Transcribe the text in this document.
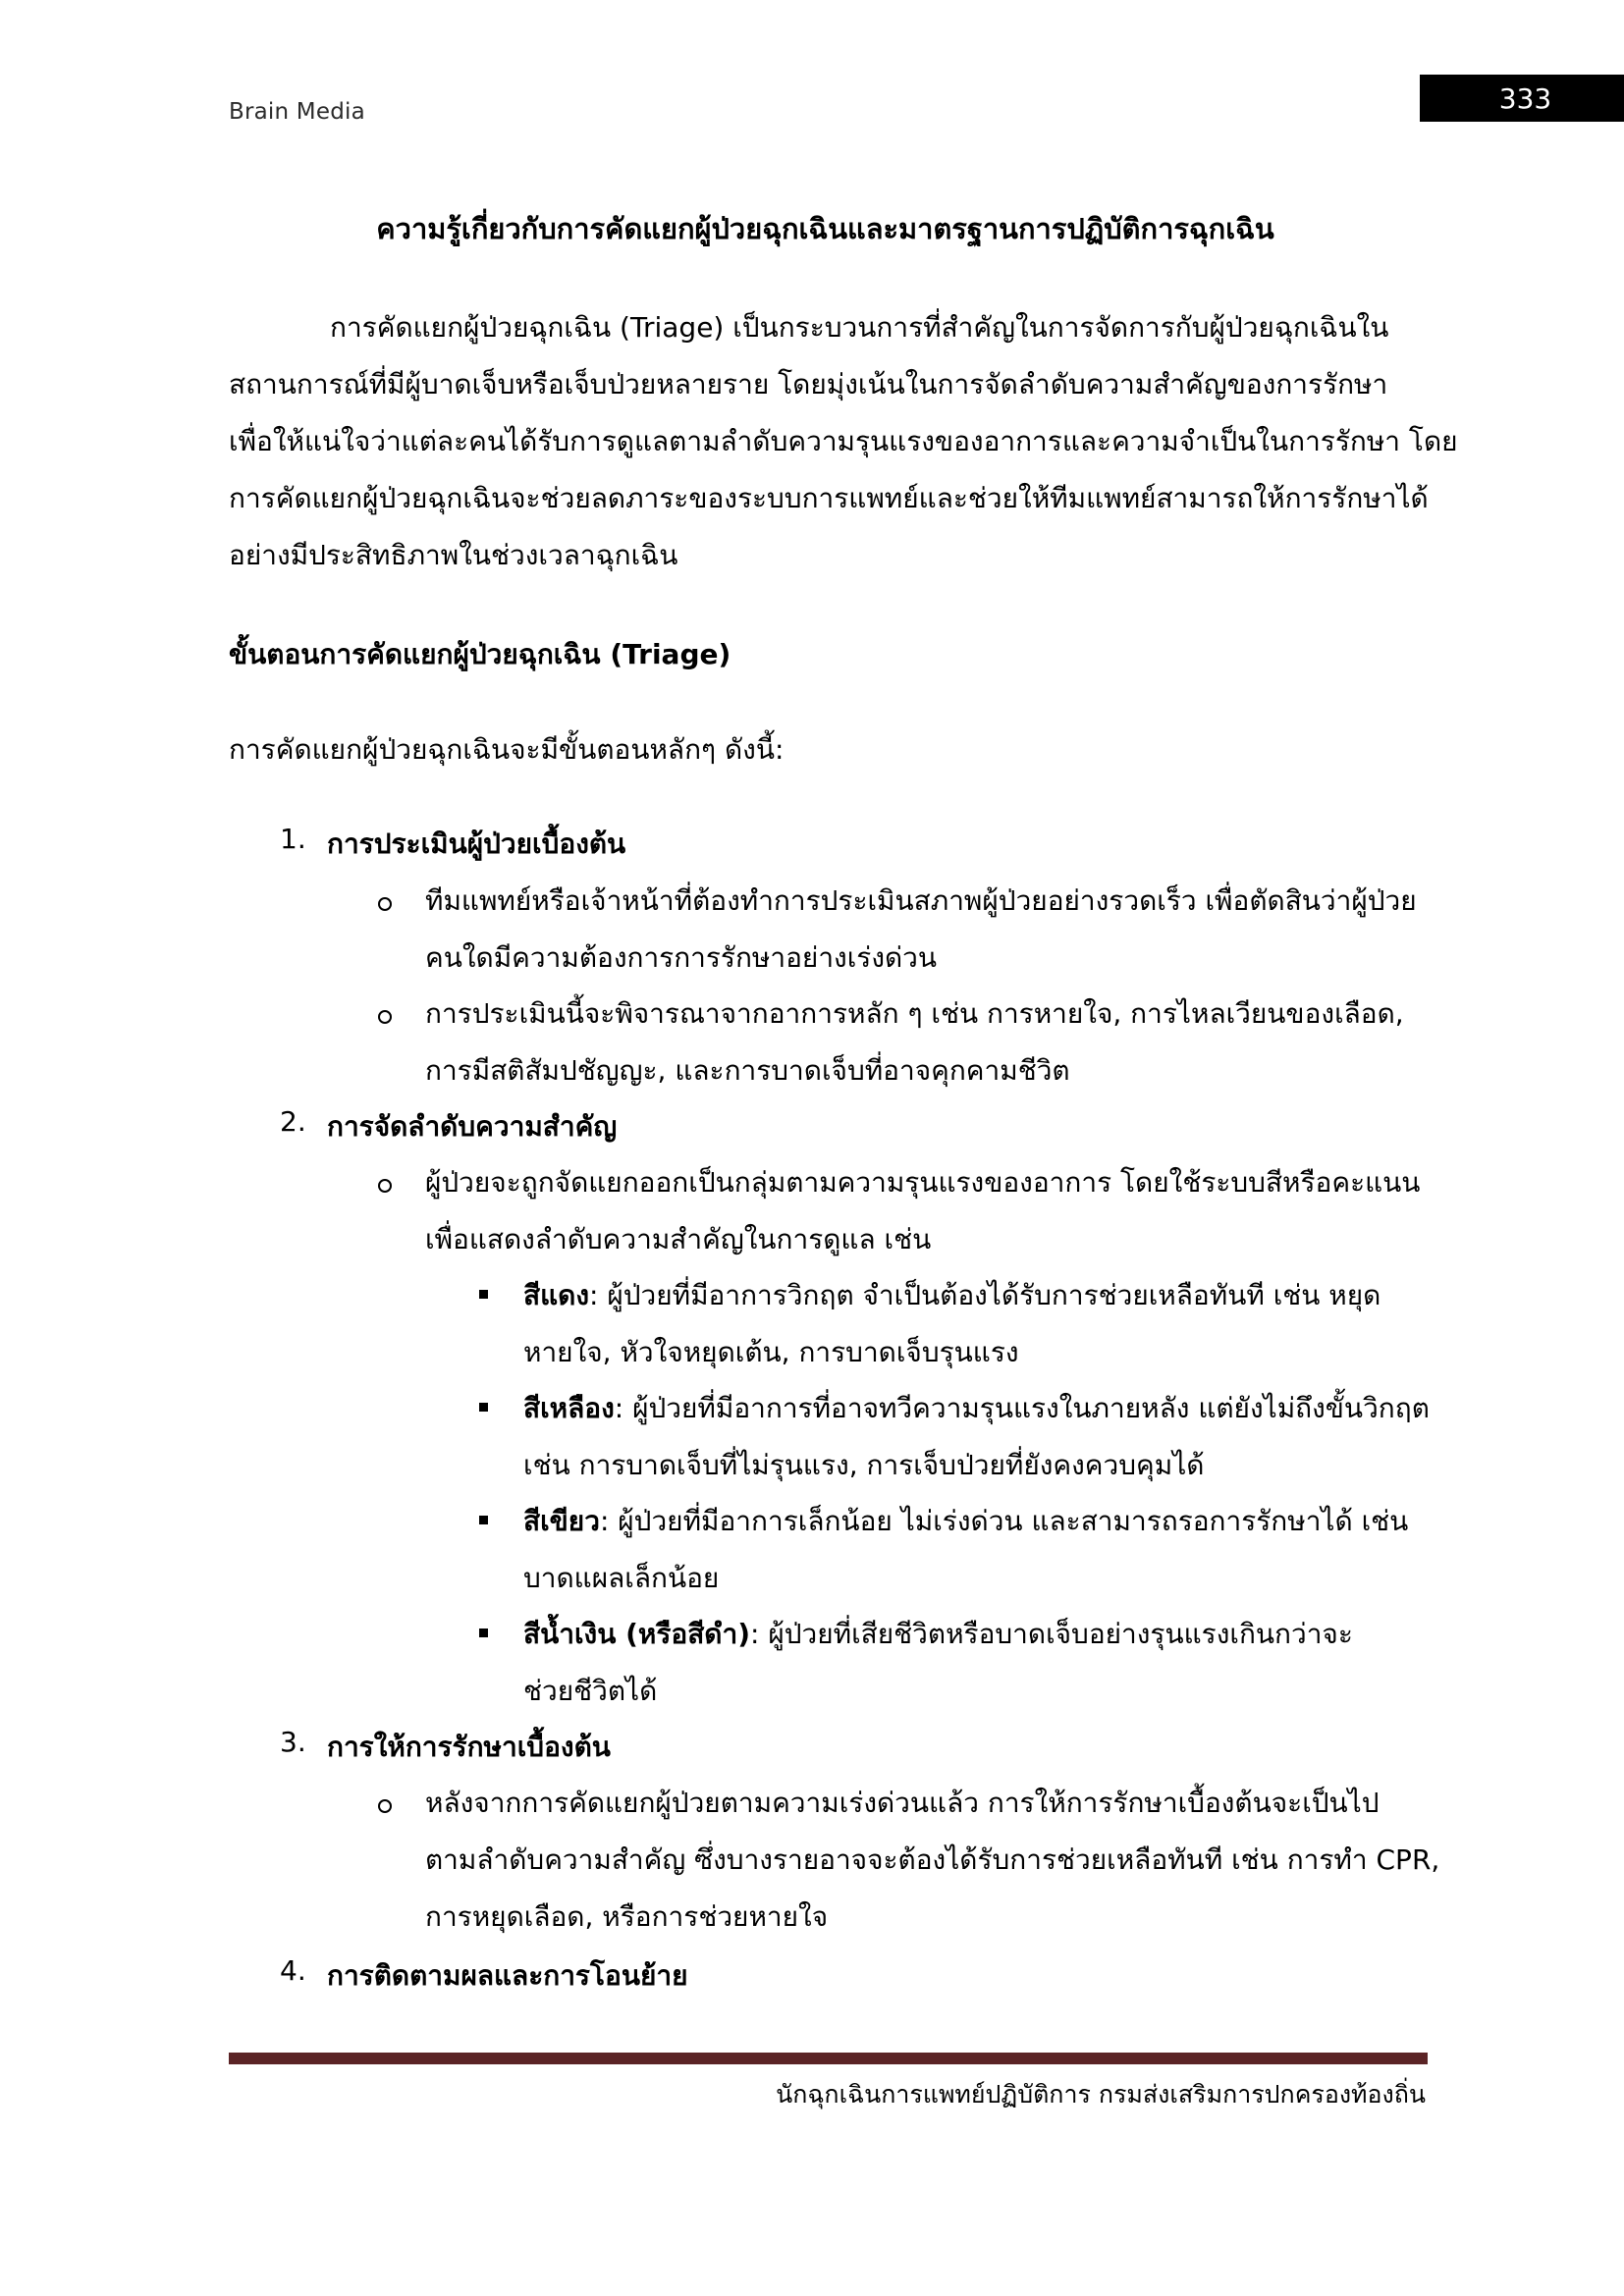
Brain Media	333
ความรู้เกี่ยวกับการคัดแยกผู้ป่วยฉุกเฉินและมาตรฐานการปฏิบัติการฉุกเฉิน
การคัดแยกผู้ป่วยฉุกเฉิน (Triage) เป็นกระบวนการที่สำคัญในการจัดการกับผู้ป่วยฉุกเฉินใน
สถานการณ์ที่มีผู้บาดเจ็บหรือเจ็บป่วยหลายราย โดยมุ่งเน้นในการจัดลำดับความสำคัญของการรักษา
เพื่อให้แน่ใจว่าแต่ละคนได้รับการดูแลตามลำดับความรุนแรงของอาการและความจำเป็นในการรักษา โดย
การคัดแยกผู้ป่วยฉุกเฉินจะช่วยลดภาระของระบบการแพทย์และช่วยให้ทีมแพทย์สามารถให้การรักษาได้
อย่างมีประสิทธิภาพในช่วงเวลาฉุกเฉิน
ขั้นตอนการคัดแยกผู้ป่วยฉุกเฉิน (Triage)
การคัดแยกผู้ป่วยฉุกเฉินจะมีขั้นตอนหลักๆ ดังนี้:
1. การประเมินผู้ป่วยเบื้องต้น
ทีมแพทย์หรือเจ้าหน้าที่ต้องทำการประเมินสภาพผู้ป่วยอย่างรวดเร็ว เพื่อตัดสินว่าผู้ป่วย
คนใดมีความต้องการการรักษาอย่างเร่งด่วน
การประเมินนี้จะพิจารณาจากอาการหลัก ๆ เช่น การหายใจ, การไหลเวียนของเลือด,
การมีสติสัมปชัญญะ, และการบาดเจ็บที่อาจคุกคามชีวิต
2. การจัดลำดับความสำคัญ
ผู้ป่วยจะถูกจัดแยกออกเป็นกลุ่มตามความรุนแรงของอาการ โดยใช้ระบบสีหรือคะแนน
เพื่อแสดงลำดับความสำคัญในการดูแล เช่น
สีแดง: ผู้ป่วยที่มีอาการวิกฤต จำเป็นต้องได้รับการช่วยเหลือทันที เช่น หยุด
หายใจ, หัวใจหยุดเต้น, การบาดเจ็บรุนแรง
สีเหลือง: ผู้ป่วยที่มีอาการที่อาจทวีความรุนแรงในภายหลัง แต่ยังไม่ถึงขั้นวิกฤต
เช่น การบาดเจ็บที่ไม่รุนแรง, การเจ็บป่วยที่ยังคงควบคุมได้
สีเขียว: ผู้ป่วยที่มีอาการเล็กน้อย ไม่เร่งด่วน และสามารถรอการรักษาได้ เช่น
บาดแผลเล็กน้อย
สีน้ำเงิน (หรือสีดำ): ผู้ป่วยที่เสียชีวิตหรือบาดเจ็บอย่างรุนแรงเกินกว่าจะ
ช่วยชีวิตได้
3. การให้การรักษาเบื้องต้น
หลังจากการคัดแยกผู้ป่วยตามความเร่งด่วนแล้ว การให้การรักษาเบื้องต้นจะเป็นไป
ตามลำดับความสำคัญ ซึ่งบางรายอาจจะต้องได้รับการช่วยเหลือทันที เช่น การทำ CPR,
การหยุดเลือด, หรือการช่วยหายใจ
4. การติดตามผลและการโอนย้าย
นักฉุกเฉินการแพทย์ปฏิบัติการ กรมส่งเสริมการปกครองท้องถิ่น
